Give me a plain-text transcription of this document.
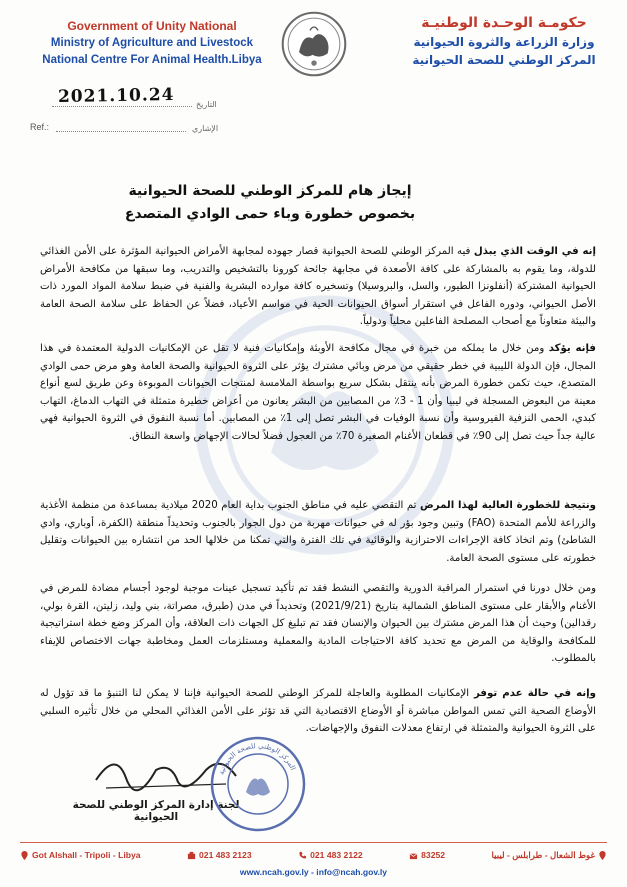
Government of Unity National
Ministry of Agriculture and Livestock
National Centre For Animal Health.Libya
حكومـة الوحـدة الوطنيـة
وزارة الزراعة والثروة الحيوانية
المركز الوطني للصحة الحيوانية
2021.10.24	التاريخ
Ref.:	الإشاري
إيجاز هام للمركز الوطني للصحة الحيوانية
بخصوص خطورة وباء حمى الوادي المتصدع
إنه في الوقت الذي يبذل فيه المركز الوطني للصحة الحيوانية قصار جهوده لمجابهة الأمراض الحيوانية المؤثرة على الأمن الغذائي للدولة، وما يقوم به بالمشاركة على كافة الأصعدة في مجابهة جائحة كورونا بالتشخيص والتدريب، وما سبقها من مكافحة الأمراض الحيوانية المشتركة (أنفلونزا الطيور، والسل، والبروسيلا) وتسخيره كافة موارده البشرية والفنية في ضبط سلامة المواد المورد ذات الأصل الحيواني، ودوره الفاعل في استقرار أسواق الحيوانات الحية في مواسم الأعياد، فضلاً عن الحفاظ على سلامة الصحة العامة والبيئة متعاوناً مع أصحاب المصلحة الفاعلين محلياً ودولياً.
فإنه يؤكد ومن خلال ما يملكه من خبرة في مجال مكافحة الأوبئة وإمكانيات فنية لا تقل عن الإمكانيات الدولية المعتمدة في هذا المجال، فإن الدولة الليبية في خطر حقيقي من مرض وبائي مشترك يؤثر على الثروة الحيوانية والصحة العامة وهو مرض حمى الوادي المتصدع، حيث تكمن خطورة المرض بأنه ينتقل بشكل سريع بواسطة الملامسة لمنتجات الحيوانات الموبوءة وعن طريق لسع أنواع معينة من البعوض المسجلة في ليبيا وأن 1 - 3٪ من المصابين من البشر يعانون من أعراض خطيرة متمثلة في التهاب الدماغ، التهاب كبدي، الحمى النزفية الفيروسية وأن نسبة الوفيات في البشر تصل إلى 1٪ من المصابين. أما نسبة النفوق في الثروة الحيوانية فهي عالية جداً حيث تصل إلى 90٪ في قطعان الأغنام الصغيرة 70٪ من العجول فضلاً لحالات الإجهاض واسعة النطاق.
ونتيجة للخطورة العالية لهذا المرض تم التقصي عليه في مناطق الجنوب بداية العام 2020 ميلادية بمساعدة من منظمة الأغذية والزراعة للأمم المتحدة (FAO) وتبين وجود بؤر له في حيوانات مهربة من دول الجوار بالجنوب وتحديداً منطقة (الكفرة، أوباري، وادي الشاطئ) وتم اتخاذ كافة الإجراءات الاحترازية والوقائية في تلك الفترة والتي تمكنا من خلالها الحد من انتشاره بين الحيوانات وتقليل خطورته على مستوى الصحة العامة.
ومن خلال دورنا في استمرار المراقبة الدورية والتقصي النشط فقد تم تأكيد تسجيل عينات موجبة لوجود أجسام مضادة للمرض في الأغنام والأبقار على مستوى المناطق الشمالية بتاريخ (2021/9/21) وتحديداً في مدن (طبرق، مصراتة، بني وليد، زليتن، القرة بولي، رقدالين) وحيث أن هذا المرض مشترك بين الحيوان والإنسان فقد تم تبليغ كل الجهات ذات العلاقة، وأن المركز وضع خطة استراتيجية للمكافحة والوقاية من المرض مع تحديد كافة الاحتياجات المادية والمعملية ومستلزمات العمل ومخاطبة جهات الاختصاص للإيفاء بالمطلوب.
وإنه في حالة عدم توفر الإمكانيات المطلوبة والعاجلة للمركز الوطني للصحة الحيوانية فإننا لا يمكن لنا التنبؤ ما قد تؤول له الأوضاع الصحية التي تمس المواطن مباشرة أو الأوضاع الاقتصادية التي قد تؤثر على الأمن الغذائي المحلي من خلال تأثيره السلبي على الثروة الحيوانية والمتمثلة في ارتفاع معدلات النفوق والإجهاضات.
لجنة إدارة المركز الوطني للصحة الحيوانية
المركز الوطني للصحة الحيوانية
Got Alshall - Tripoli - Libya	021 483 2123	021 483 2122	83252	غوط الشعال - طرابلس - ليبيا
www.ncah.gov.ly - info@ncah.gov.ly
